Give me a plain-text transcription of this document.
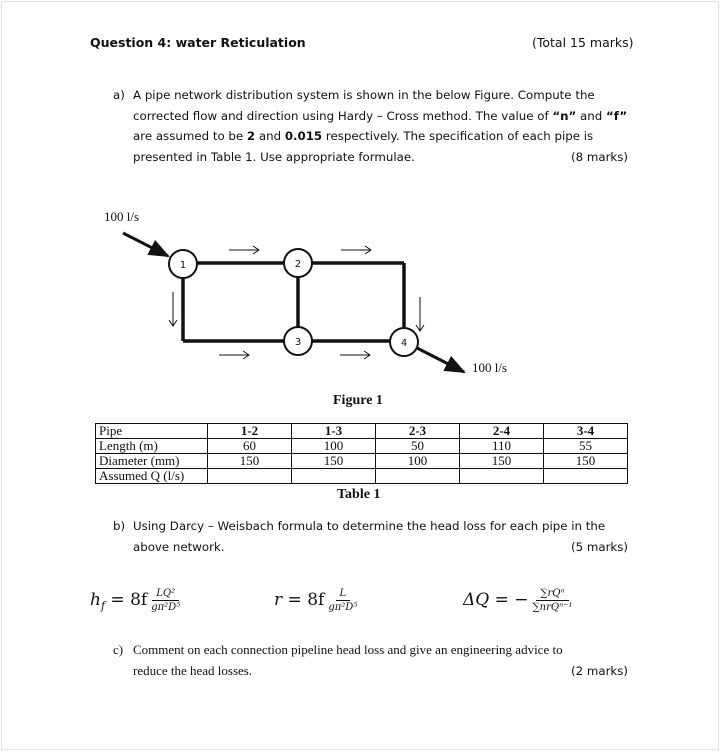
Question 4: water Reticulation	(Total 15 marks)
a) A pipe network distribution system is shown in the below Figure. Compute the
corrected flow and direction using Hardy – Cross method. The value of “n” and “f”
are assumed to be 2 and 0.015 respectively. The specification of each pipe is
presented in Table 1. Use appropriate formulae.	(8 marks)
1	2
3	4
100 l/s
100 l/s
Figure 1
Pipe	1-2	1-3	2-3	2-4	3-4
Length (m)	60	100	50	110	55
Diameter (mm)	150	150	100	150	150
Assumed Q (l/s)					
Table 1
b) Using Darcy – Weisbach formula to determine the head loss for each pipe in the
above network.	(5 marks)
$h_f = 8f \frac{\text{LQ²}}{\text{gπ²D⁵}}$	$r = 8f \frac{L}{\text{gπ²D⁵}}$	ΔQ = − $\frac{\text{∑rQⁿ}}{\text{∑nrQⁿ⁻¹}}$
c) Comment on each connection pipeline head loss and give an engineering advice to
reduce the head losses.	(2 marks)
